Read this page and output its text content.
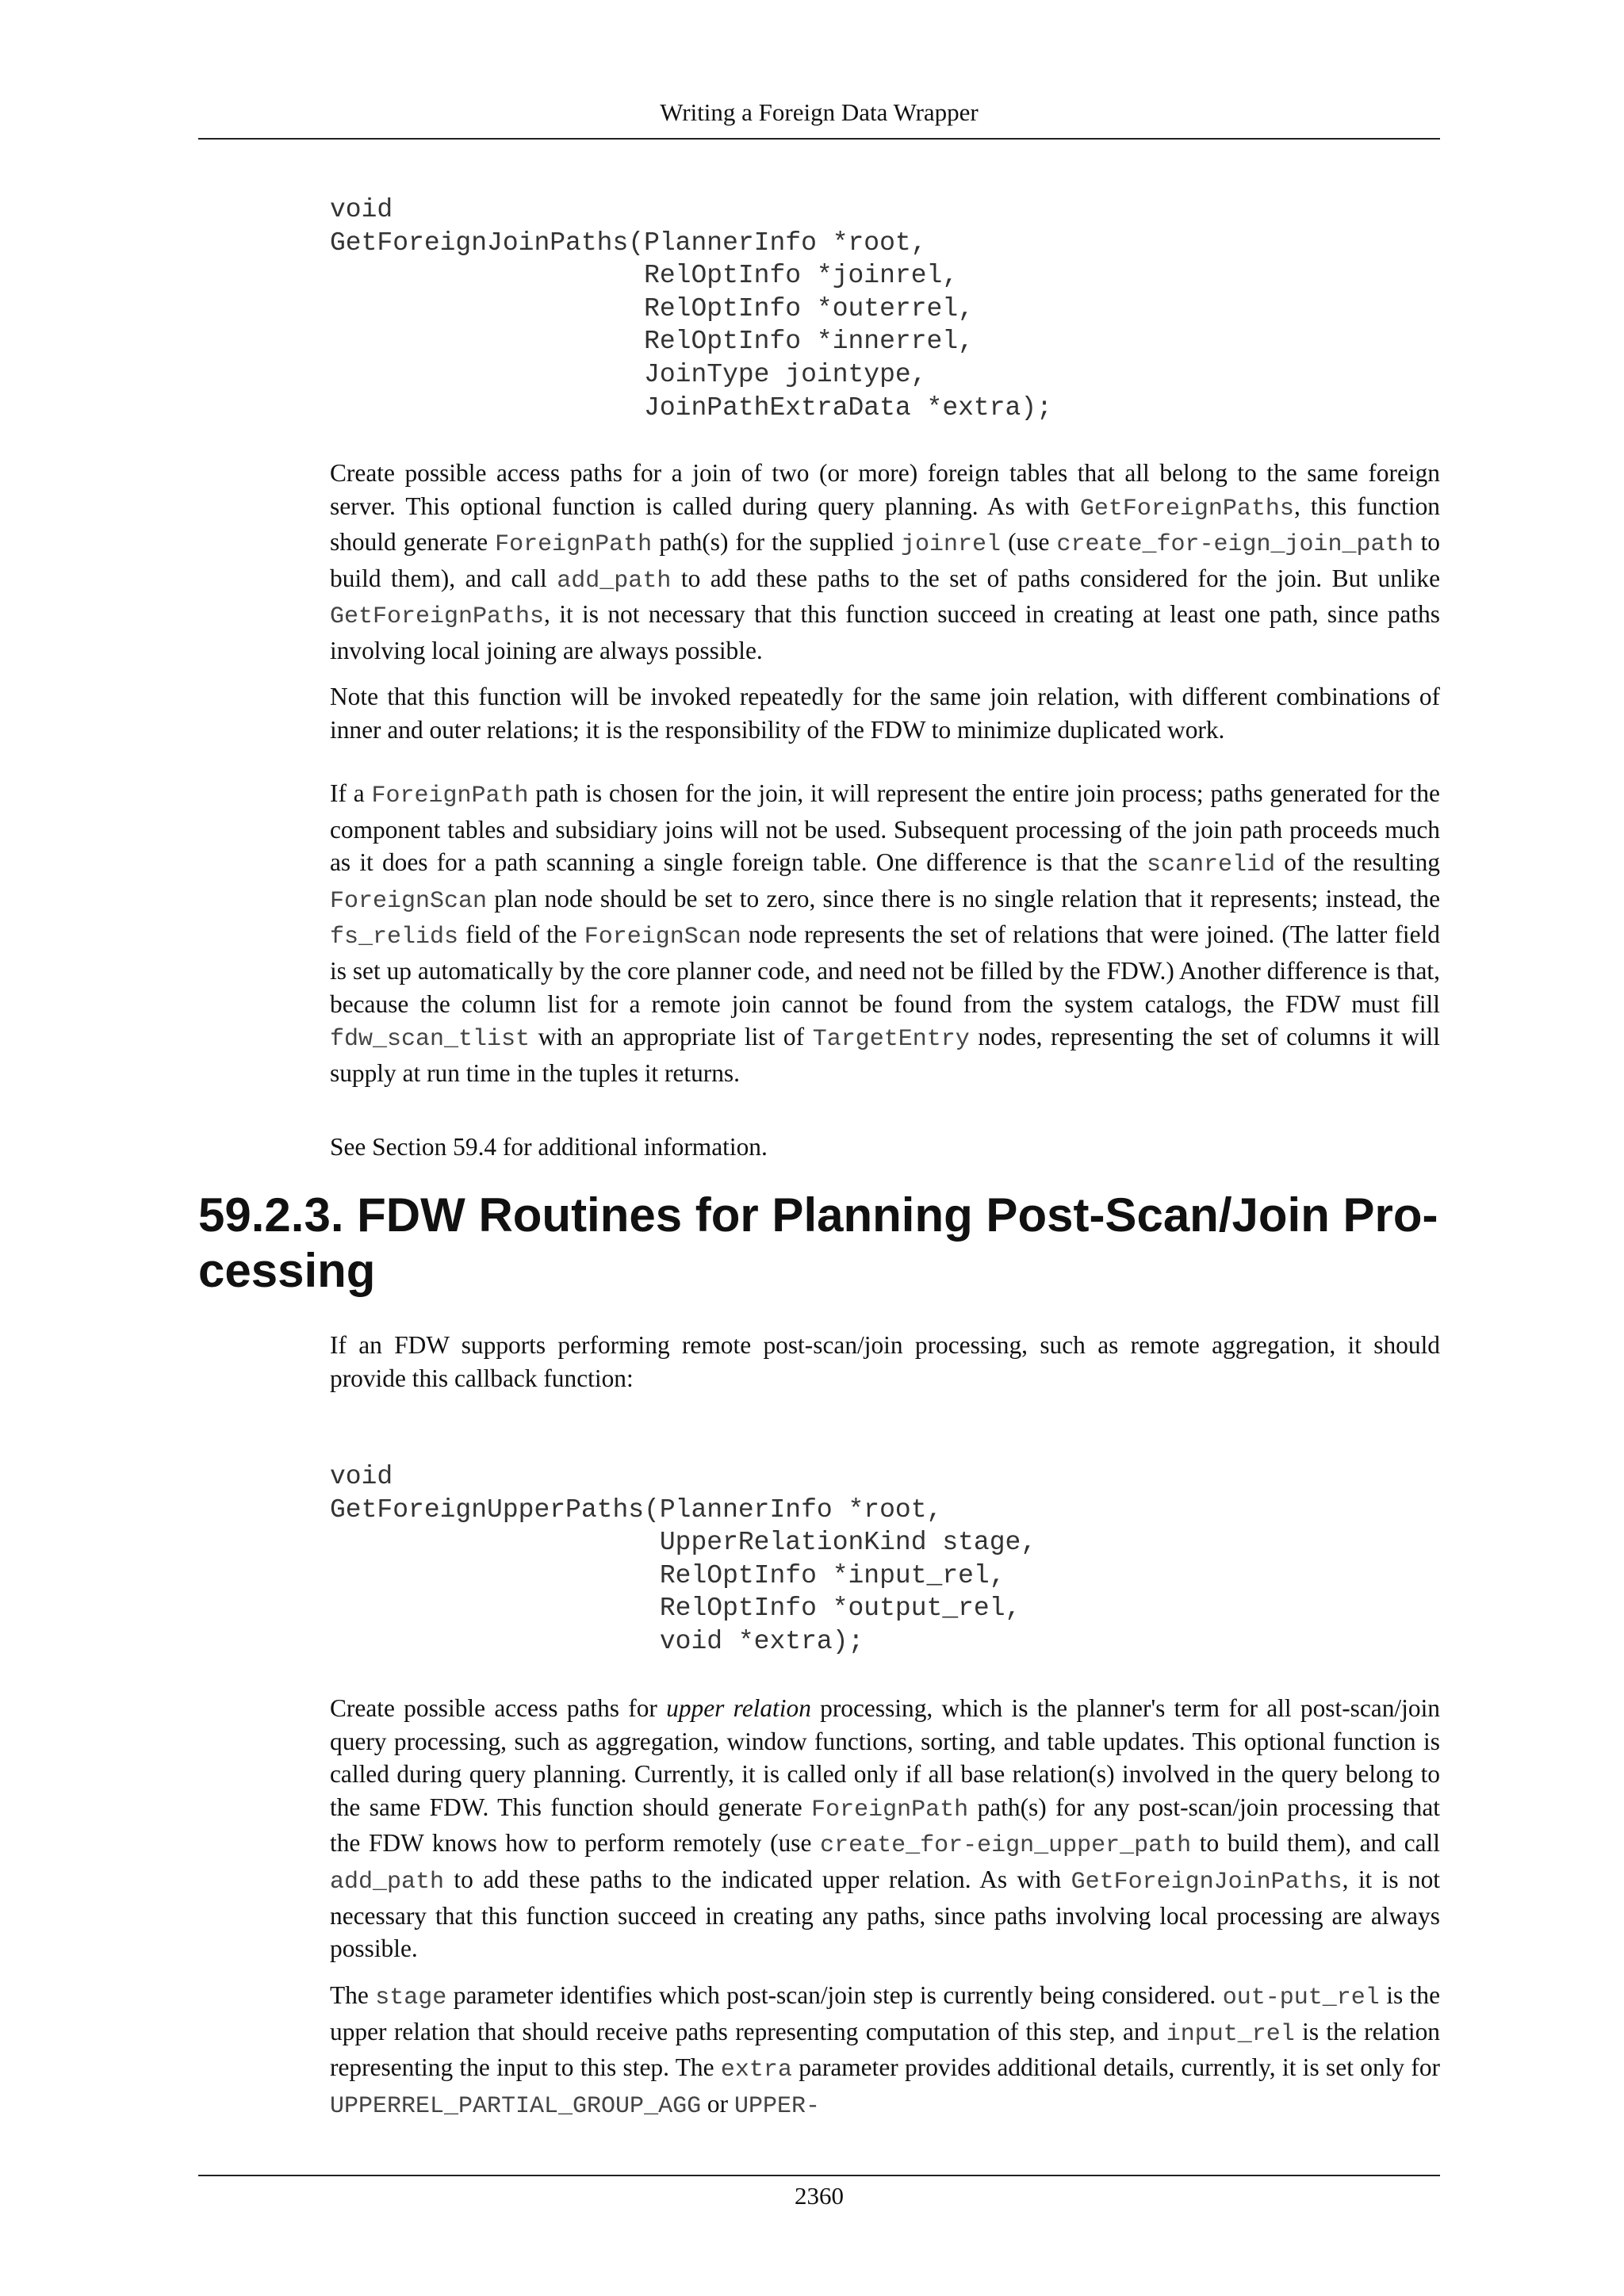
Writing a Foreign Data Wrapper
void
GetForeignJoinPaths(PlannerInfo *root,
RelOptInfo *joinrel,
RelOptInfo *outerrel,
RelOptInfo *innerrel,
JoinType jointype,
JoinPathExtraData *extra);

Create possible access paths for a join of two (or more) foreign tables that all belong to the same foreign server. This optional function is called during query planning. As with GetForeignPaths, this function should generate ForeignPath path(s) for the supplied joinrel (use create_for-eign_join_path to build them), and call add_path to add these paths to the set of paths considered for the join. But unlike GetForeignPaths, it is not necessary that this function succeed in creating at least one path, since paths involving local joining are always possible.

Note that this function will be invoked repeatedly for the same join relation, with different combinations of inner and outer relations; it is the responsibility of the FDW to minimize duplicated work.

If a ForeignPath path is chosen for the join, it will represent the entire join process; paths generated for the component tables and subsidiary joins will not be used. Subsequent processing of the join path proceeds much as it does for a path scanning a single foreign table. One difference is that the scanrelid of the resulting ForeignScan plan node should be set to zero, since there is no single relation that it represents; instead, the fs_relids field of the ForeignScan node represents the set of relations that were joined. (The latter field is set up automatically by the core planner code, and need not be filled by the FDW.) Another difference is that, because the column list for a remote join cannot be found from the system catalogs, the FDW must fill fdw_scan_tlist with an appropriate list of TargetEntry nodes, representing the set of columns it will supply at run time in the tuples it returns.

See Section 59.4 for additional information.

59.2.3. FDW Routines for Planning Post-Scan/Join Processing

If an FDW supports performing remote post-scan/join processing, such as remote aggregation, it should provide this callback function:

void
GetForeignUpperPaths(PlannerInfo *root,
UpperRelationKind stage,
RelOptInfo *input_rel,
RelOptInfo *output_rel,
void *extra);

Create possible access paths for upper relation processing, which is the planner's term for all post-scan/join query processing, such as aggregation, window functions, sorting, and table updates. This optional function is called during query planning. Currently, it is called only if all base relation(s) involved in the query belong to the same FDW. This function should generate ForeignPath path(s) for any post-scan/join processing that the FDW knows how to perform remotely (use create_for-eign_upper_path to build them), and call add_path to add these paths to the indicated upper relation. As with GetForeignJoinPaths, it is not necessary that this function succeed in creating any paths, since paths involving local processing are always possible.

The stage parameter identifies which post-scan/join step is currently being considered. out-put_rel is the upper relation that should receive paths representing computation of this step, and input_rel is the relation representing the input to this step. The extra parameter provides additional details, currently, it is set only for UPPERREL_PARTIAL_GROUP_AGG or UPPER-

2360
